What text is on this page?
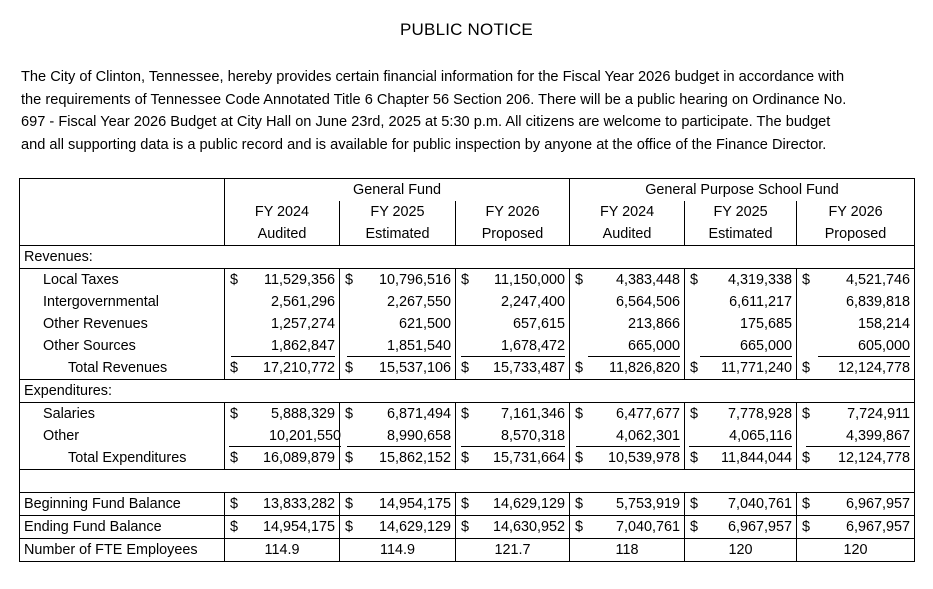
PUBLIC NOTICE
The City of Clinton, Tennessee, hereby provides certain financial information for the Fiscal Year 2026 budget in accordance with
the requirements of Tennessee Code Annotated Title 6 Chapter 56 Section 206. There will be a public hearing on Ordinance No.
697 - Fiscal Year 2026 Budget at City Hall on June 23rd, 2025 at 5:30 p.m. All citizens are welcome to participate. The budget
and all supporting data is a public record and is available for public inspection by anyone at the office of the Finance Director.
	General Fund			General Purpose School Fund		
	FY 2024	FY 2025	FY 2026	FY 2024	FY 2025	FY 2026
	Audited	Estimated	Proposed	Audited	Estimated	Proposed
Revenues:						
Local Taxes	$ 11,529,356	$ 10,796,516	$ 11,150,000	$ 4,383,448	$ 4,319,338	$ 4,521,746
Intergovernmental	2,561,296	2,267,550	2,247,400	6,564,506	6,611,217	6,839,818
Other Revenues	1,257,274	621,500	657,615	213,866	175,685	158,214
Other Sources	1,862,847	1,851,540	1,678,472	665,000	665,000	605,000
Total Revenues	$ 17,210,772	$ 15,537,106	$ 15,733,487	$ 11,826,820	$ 11,771,240	$ 12,124,778
Expenditures:						
Salaries	$ 5,888,329	$ 6,871,494	$ 7,161,346	$ 6,477,677	$ 7,778,928	$ 7,724,911
Other	10,201,550	8,990,658	8,570,318	4,062,301	4,065,116	4,399,867
Total Expenditures	$ 16,089,879	$ 15,862,152	$ 15,731,664	$ 10,539,978	$ 11,844,044	$ 12,124,778

Beginning Fund Balance	$ 13,833,282	$ 14,954,175	$ 14,629,129	$ 5,753,919	$ 7,040,761	$ 6,967,957
Ending Fund Balance	$ 14,954,175	$ 14,629,129	$ 14,630,952	$ 7,040,761	$ 6,967,957	$ 6,967,957
Number of FTE Employees	114.9	114.9	121.7	118	120	120
